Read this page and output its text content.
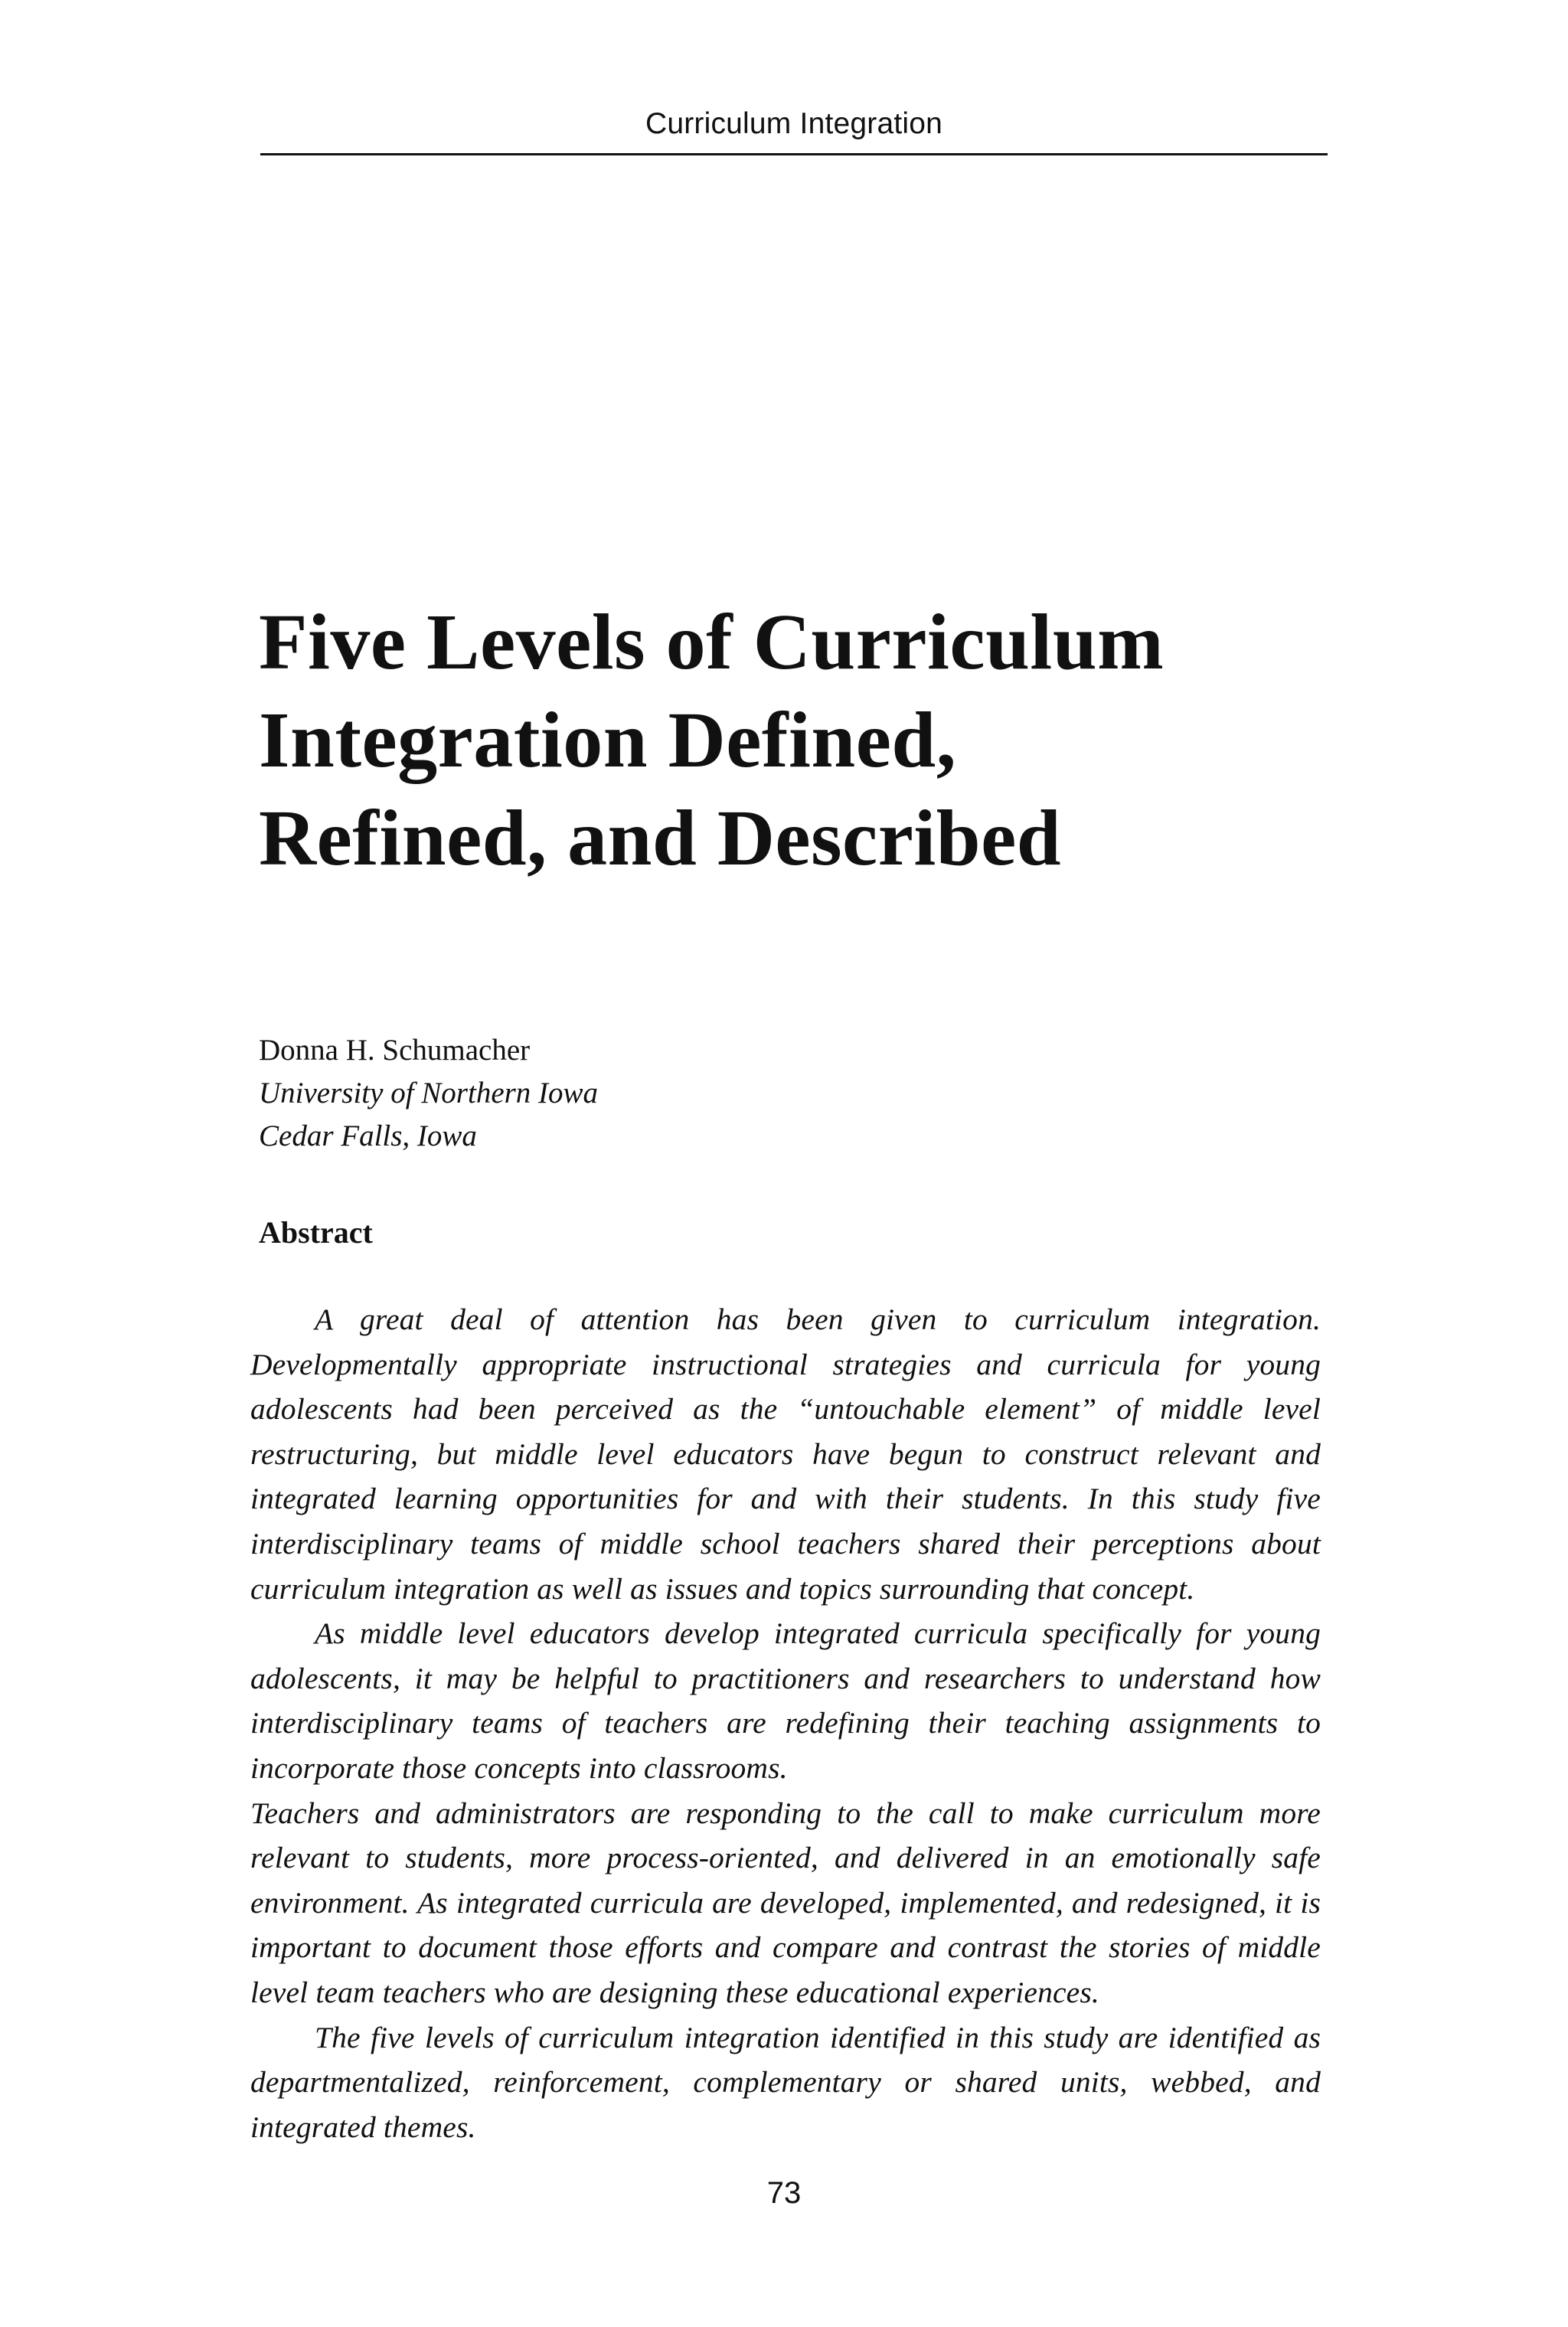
Curriculum Integration
Five Levels of Curriculum
Integration Defined,
Refined, and Described
Donna H. Schumacher
University of Northern Iowa
Cedar Falls, Iowa
Abstract

A great deal of attention has been given to curriculum integration. Developmentally appropriate instructional strategies and curricula for young adolescents had been perceived as the “untouchable element” of middle level restructuring, but middle level educators have begun to construct relevant and integrated learning opportunities for and with their students. In this study five interdisciplinary teams of middle school teachers shared their perceptions about curriculum integration as well as issues and topics surrounding that concept.

As middle level educators develop integrated curricula specifically for young adolescents, it may be helpful to practitioners and researchers to understand how interdisciplinary teams of teachers are redefining their teaching assignments to incorporate those concepts into classrooms.

Teachers and administrators are responding to the call to make curriculum more relevant to students, more process-oriented, and delivered in an emotionally safe environment. As integrated curricula are developed, implemented, and redesigned, it is important to document those efforts and compare and contrast the stories of middle level team teachers who are designing these educational experiences.

The five levels of curriculum integration identified in this study are identified as departmentalized, reinforcement, complementary or shared units, webbed, and integrated themes.

73
